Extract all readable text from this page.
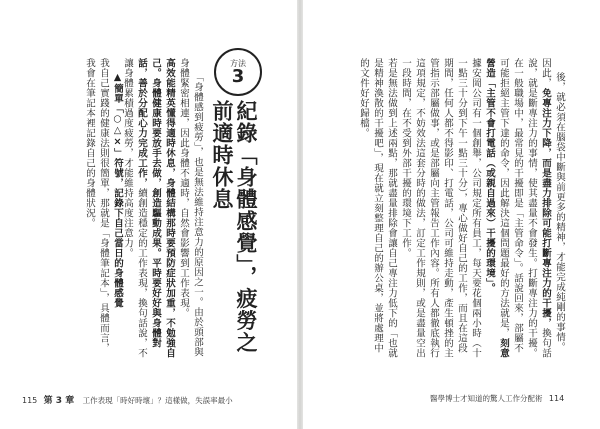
後，就必須在腦袋中斷與前更多的精神，才能完成純剛的事情。因此，免專注力下降，而是盡力排除可能打斷專注力的干擾，換句話說，就是斷專注力的事情，使其盡量不會發生。打斷專注力的干擾。
在一般職場中，最常見的干擾即是「主管命令」。話說回來，部屬不可能拒絕主管下達的命令，因此解決這個問題最好的方法就是，刻意營造「主管不會打電話（或親自過來）干擾的環境」。
據安岡公司有一個創舉，公司規定所有員工，每天要花個兩小時（十一點三十分到下午一點三十分），專心做好自己的工作，而且在這段期間，任何人都不得影印、打電話，公司可維持走動，產生頓挫的主管指示部屬做事，或是部屬向主管報告工作內容。所有人都徹底執行這項規定，不妨效法這套分時的做法，訂定工作規則，或是盡量空出一段時間，在不受到外部干擾的環境下工作。
若是無法做到上述兩點，那就盡量排除會讓自己專注力低下的「也就是精神渙散的干擾吧」，現在就立刻整理自己的辦公桌，並將處理中的文件好好歸檔。

方法
3
紀錄「身體感覺」，疲勞之前適時休息

「身體感到疲勞」，也是無法維持注意力的原因之一。由於頭部與身體緊密相連，因此身體不適時，自然會影響到工作表現。
高效能精英懂得適時休息，身體結構那時要預防症狀加重，不勉強自己。身體健康時要放手去做，創造驅動成果。平時要好好與身體對話，善於分配心力完成工作，續創造穩定的工作表現，換句話說，不讓身體累積過度疲勞，才能維持高度注意力。

▲簡單「○△×」符號，記錄下自己當日的身體感覺
我自己實踐的健康法則很簡單，那就是「身體筆記本」，具體而言，我會在筆記本裡記錄自己的身體狀況。

115 第 3 章 工作表現「時好時壞」？這樣做，失誤率最小	醫學博士才知道的驚人工作分配術 114
